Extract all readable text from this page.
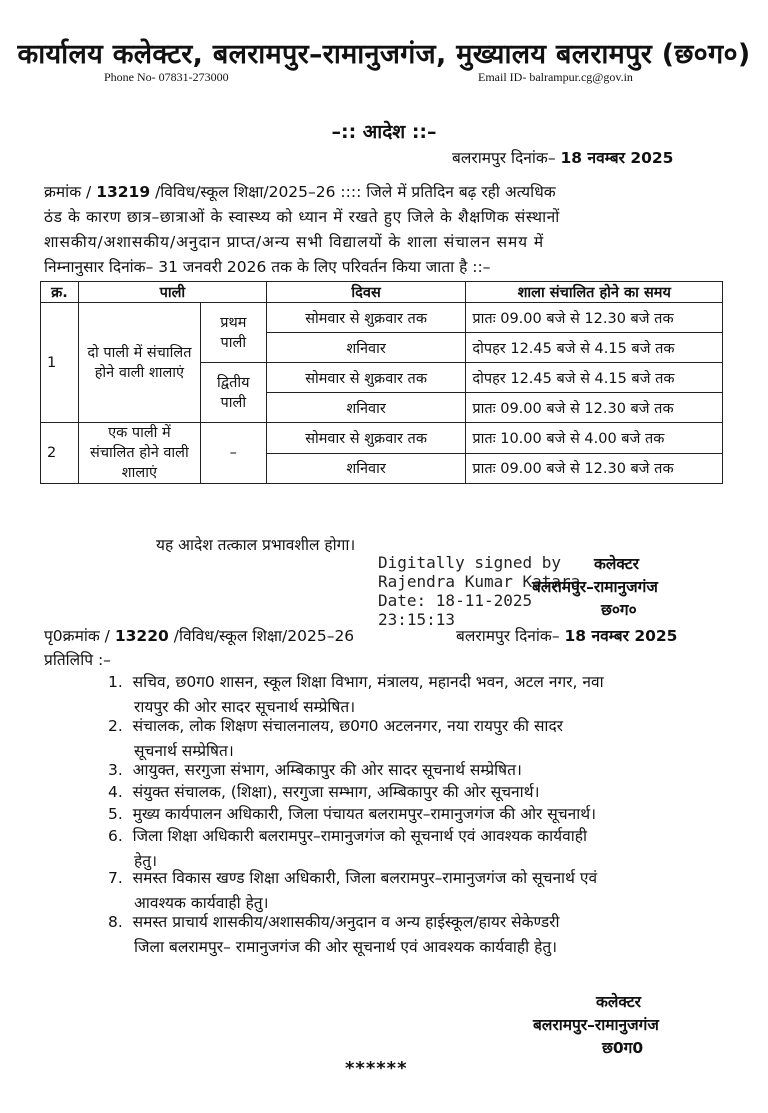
कार्यालय कलेक्टर, बलरामपुर–रामानुजगंज, मुख्यालय बलरामपुर (छ०ग०)
Phone No- 07831-273000	Email ID- balrampur.cg@gov.in
–:: आदेश ::–
बलरामपुर दिनांक– 18 नवम्बर 2025
क्रमांक / 13219 /विविध/स्कूल शिक्षा/2025–26 :::: जिले में प्रतिदिन बढ़ रही अत्यधिक
ठंड के कारण छात्र–छात्राओं के स्वास्थ्य को ध्यान में रखते हुए जिले के शैक्षणिक संस्थानों
शासकीय/अशासकीय/अनुदान प्राप्त/अन्य सभी विद्यालयों के शाला संचालन समय में
निम्नानुसार दिनांक– 31 जनवरी 2026 तक के लिए परिवर्तन किया जाता है ::–
क्र.	पाली		दिवस	शाला संचालित होने का समय
1	दो पाली में संचालित होने वाली शालाएं	प्रथम पाली	सोमवार से शुक्रवार तक	प्रातः 09.00 बजे से 12.30 बजे तक
			शनिवार	दोपहर 12.45 बजे से 4.15 बजे तक
		द्वितीय पाली	सोमवार से शुक्रवार तक	दोपहर 12.45 बजे से 4.15 बजे तक
			शनिवार	प्रातः 09.00 बजे से 12.30 बजे तक
2	एक पाली में संचालित होने वाली शालाएं	–	सोमवार से शुक्रवार तक	प्रातः 10.00 बजे से 4.00 बजे तक
			शनिवार	प्रातः 09.00 बजे से 12.30 बजे तक
यह आदेश तत्काल प्रभावशील होगा।
Digitally signed by
Rajendra Kumar Katara
Date: 18-11-2025
23:15:13
कलेक्टर
बलरामपुर–रामानुजगंज
छ०ग०
पृ0क्रमांक / 13220 /विविध/स्कूल शिक्षा/2025–26	बलरामपुर दिनांक– 18 नवम्बर 2025
प्रतिलिपि :–
1. सचिव, छ0ग0 शासन, स्कूल शिक्षा विभाग, मंत्रालय, महानदी भवन, अटल नगर, नवा
रायपुर की ओर सादर सूचनार्थ सम्प्रेषित।
2. संचालक, लोक शिक्षण संचालनालय, छ0ग0 अटलनगर, नया रायपुर की सादर
सूचनार्थ सम्प्रेषित।
3. आयुक्त, सरगुजा संभाग, अम्बिकापुर की ओर सादर सूचनार्थ सम्प्रेषित।
4. संयुक्त संचालक, (शिक्षा), सरगुजा सम्भाग, अम्बिकापुर की ओर सूचनार्थ।
5. मुख्य कार्यपालन अधिकारी, जिला पंचायत बलरामपुर–रामानुजगंज की ओर सूचनार्थ।
6. जिला शिक्षा अधिकारी बलरामपुर–रामानुजगंज को सूचनार्थ एवं आवश्यक कार्यवाही
हेतु।
7. समस्त विकास खण्ड शिक्षा अधिकारी, जिला बलरामपुर–रामानुजगंज को सूचनार्थ एवं
आवश्यक कार्यवाही हेतु।
8. समस्त प्राचार्य शासकीय/अशासकीय/अनुदान व अन्य हाईस्कूल/हायर सेकेण्डरी
जिला बलरामपुर– रामानुजगंज की ओर सूचनार्थ एवं आवश्यक कार्यवाही हेतु।
कलेक्टर
बलरामपुर–रामानुजगंज
छ0ग0
******
